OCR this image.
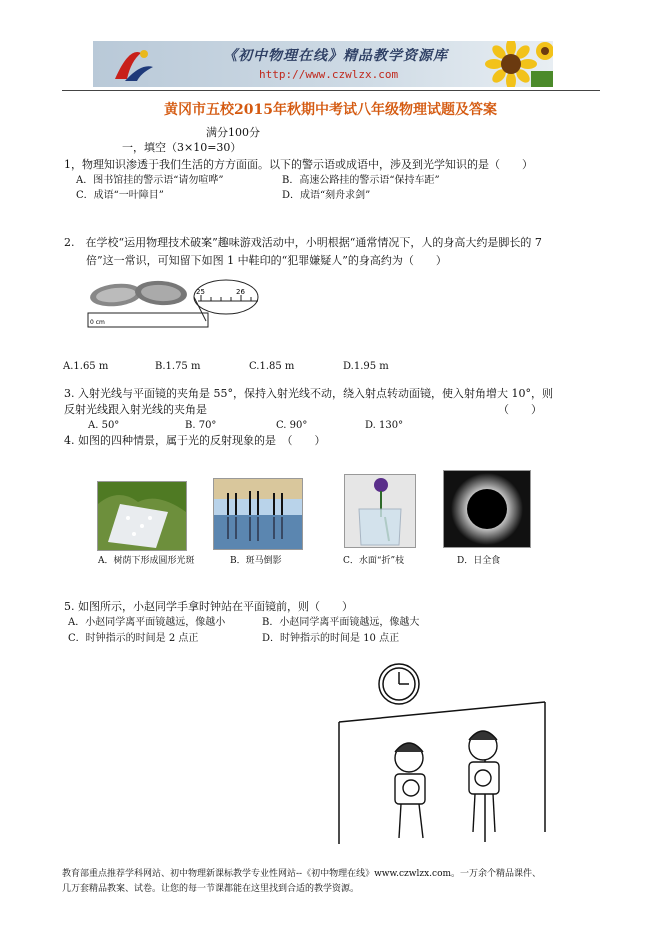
《初中物理在线》精品教学资源库
http://www.czwlzx.com
黄冈市五校2015年秋期中考试八年级物理试题及答案
满分100分
一，填空（3×10=30）
1，物理知识渗透于我们生活的方方面面。以下的警示语或成语中，涉及到光学知识的是（　　）
A．图书馆挂的警示语“请勿喧哗”	B．高速公路挂的警示语“保持车距”
C．成语“一叶障目”	D．成语“刻舟求剑”
2.　在学校“运用物理技术破案”趣味游戏活动中，小明根据“通常情况下，人的身高大约是脚长的 7
倍”这一常识，可知留下如图 1 中鞋印的“犯罪嫌疑人”的身高约为（　　）
25	26
0 cm
A.1.65 m	B.1.75 m	C.1.85 m	D.1.95 m
3. 入射光线与平面镜的夹角是 55°，保持入射光线不动，绕入射点转动面镜，使入射角增大 10°，则
反射光线跟入射光线的夹角是	（　　）
A. 50°	B. 70°	C. 90°	D. 130°
4. 如图的四种情景，属于光的反射现象的是　（　　）
A．树荫下形成圆形光斑	B．斑马倒影	C．水面“折”枝	D．日全食
5. 如图所示，小赵同学手拿时钟站在平面镜前，则（　　）
A．小赵同学离平面镜越远，像越小	B．小赵同学离平面镜越远，像越大
C．时钟指示的时间是 2 点正	D．时钟指示的时间是 10 点正
教育部重点推荐学科网站、初中物理新课标教学专业性网站--《初中物理在线》www.czwlzx.com。一万余个精品课件、
几万套精品教案、试卷。让您的每一节课都能在这里找到合适的教学资源。
